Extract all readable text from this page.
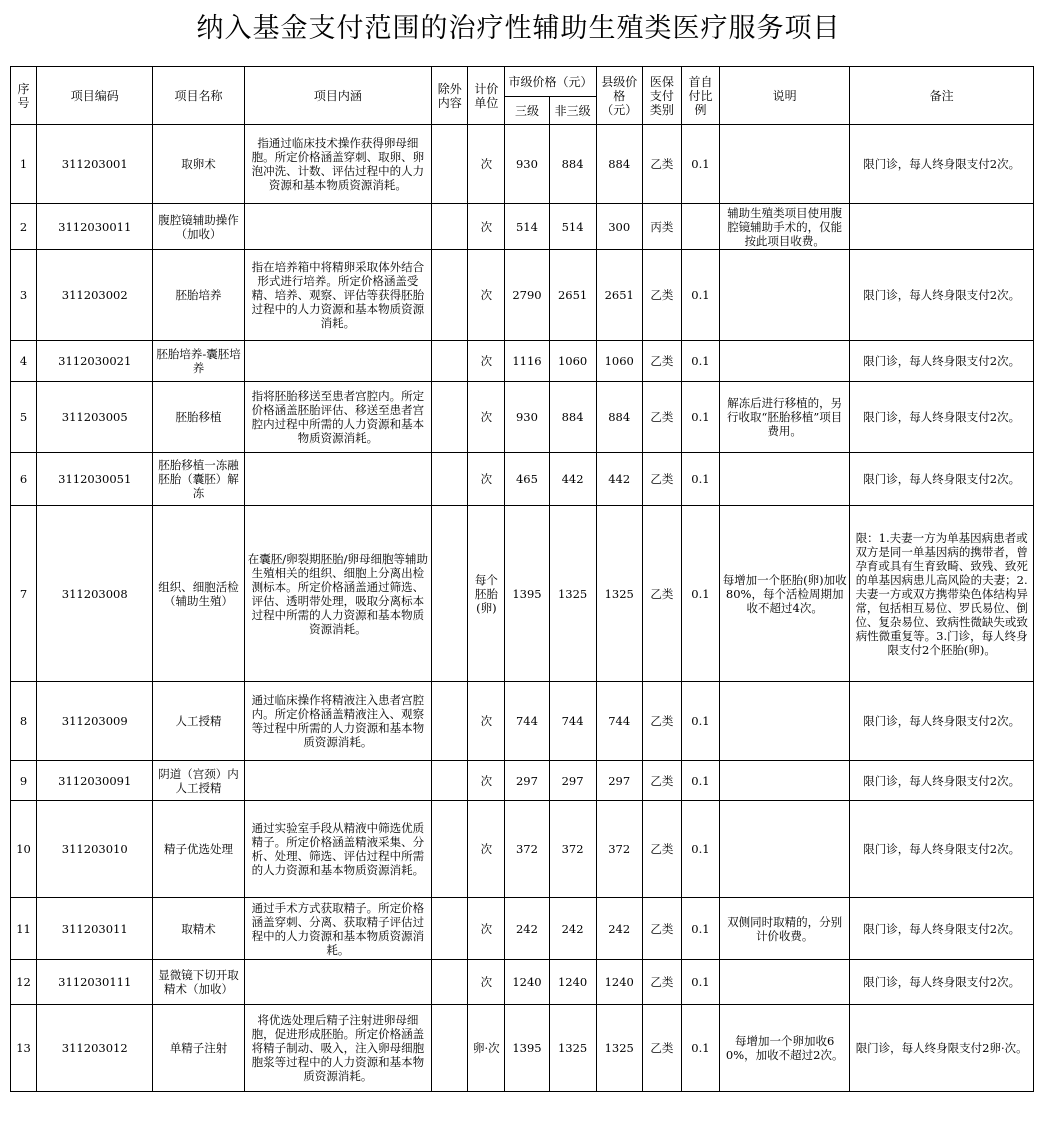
纳入基金支付范围的治疗性辅助生殖类医疗服务项目
序号	项目编码	项目名称	项目内涵	除外内容	计价单位	市级价格（元）		县级价格（元）	医保支付类别	首自付比例	说明	备注
						三级	非三级					
1	311203001	取卵术	指通过临床技术操作获得卵母细胞。所定价格涵盖穿刺、取卵、卵泡冲洗、计数、评估过程中的人力资源和基本物质资源消耗。		次	930	884	884	乙类	0.1		限门诊，每人终身限支付2次。
2	3112030011	腹腔镜辅助操作（加收）			次	514	514	300	丙类		辅助生殖类项目使用腹腔镜辅助手术的，仅能按此项目收费。	
3	311203002	胚胎培养	指在培养箱中将精卵采取体外结合形式进行培养。所定价格涵盖受精、培养、观察、评估等获得胚胎过程中的人力资源和基本物质资源消耗。		次	2790	2651	2651	乙类	0.1		限门诊，每人终身限支付2次。
4	3112030021	胚胎培养-囊胚培养			次	1116	1060	1060	乙类	0.1		限门诊，每人终身限支付2次。
5	311203005	胚胎移植	指将胚胎移送至患者宫腔内。所定价格涵盖胚胎评估、移送至患者宫腔内过程中所需的人力资源和基本物质资源消耗。		次	930	884	884	乙类	0.1	解冻后进行移植的，另行收取“胚胎移植”项目费用。	限门诊，每人终身限支付2次。
6	3112030051	胚胎移植一冻融胚胎（囊胚）解冻			次	465	442	442	乙类	0.1		限门诊，每人终身限支付2次。
7	311203008	组织、细胞活检（辅助生殖）	在囊胚/卵裂期胚胎/卵母细胞等辅助生殖相关的组织、细胞上分离出检测标本。所定价格涵盖通过筛选、评估、透明带处理，吸取分离标本过程中所需的人力资源和基本物质资源消耗。		每个胚胎(卵)	1395	1325	1325	乙类	0.1	每增加一个胚胎(卵)加收80%，每个活检周期加收不超过4次。	限：1.夫妻一方为单基因病患者或双方是同一单基因病的携带者，曾孕育或具有生育致畸、致残、致死的单基因病患儿高风险的夫妻；2.夫妻一方或双方携带染色体结构异常，包括相互易位、罗氏易位、倒位、复杂易位、致病性微缺失或致病性微重复等。3.门诊，每人终身限支付2个胚胎(卵)。
8	311203009	人工授精	通过临床操作将精液注入患者宫腔内。所定价格涵盖精液注入、观察等过程中所需的人力资源和基本物质资源消耗。		次	744	744	744	乙类	0.1		限门诊，每人终身限支付2次。
9	3112030091	阴道（宫颈）内人工授精			次	297	297	297	乙类	0.1		限门诊，每人终身限支付2次。
10	311203010	精子优选处理	通过实验室手段从精液中筛选优质精子。所定价格涵盖精液采集、分析、处理、筛选、评估过程中所需的人力资源和基本物质资源消耗。		次	372	372	372	乙类	0.1		限门诊，每人终身限支付2次。
11	311203011	取精术	通过手术方式获取精子。所定价格涵盖穿刺、分离、获取精子评估过程中的人力资源和基本物质资源消耗。		次	242	242	242	乙类	0.1	双侧同时取精的，分别计价收费。	限门诊，每人终身限支付2次。
12	3112030111	显微镜下切开取精术（加收）			次	1240	1240	1240	乙类	0.1		限门诊，每人终身限支付2次。
13	311203012	单精子注射	将优选处理后精子注射进卵母细胞，促进形成胚胎。所定价格涵盖将精子制动、吸入，注入卵母细胞胞浆等过程中的人力资源和基本物质资源消耗。		卵·次	1395	1325	1325	乙类	0.1	每增加一个卵加收60%，加收不超过2次。	限门诊，每人终身限支付2卵·次。
